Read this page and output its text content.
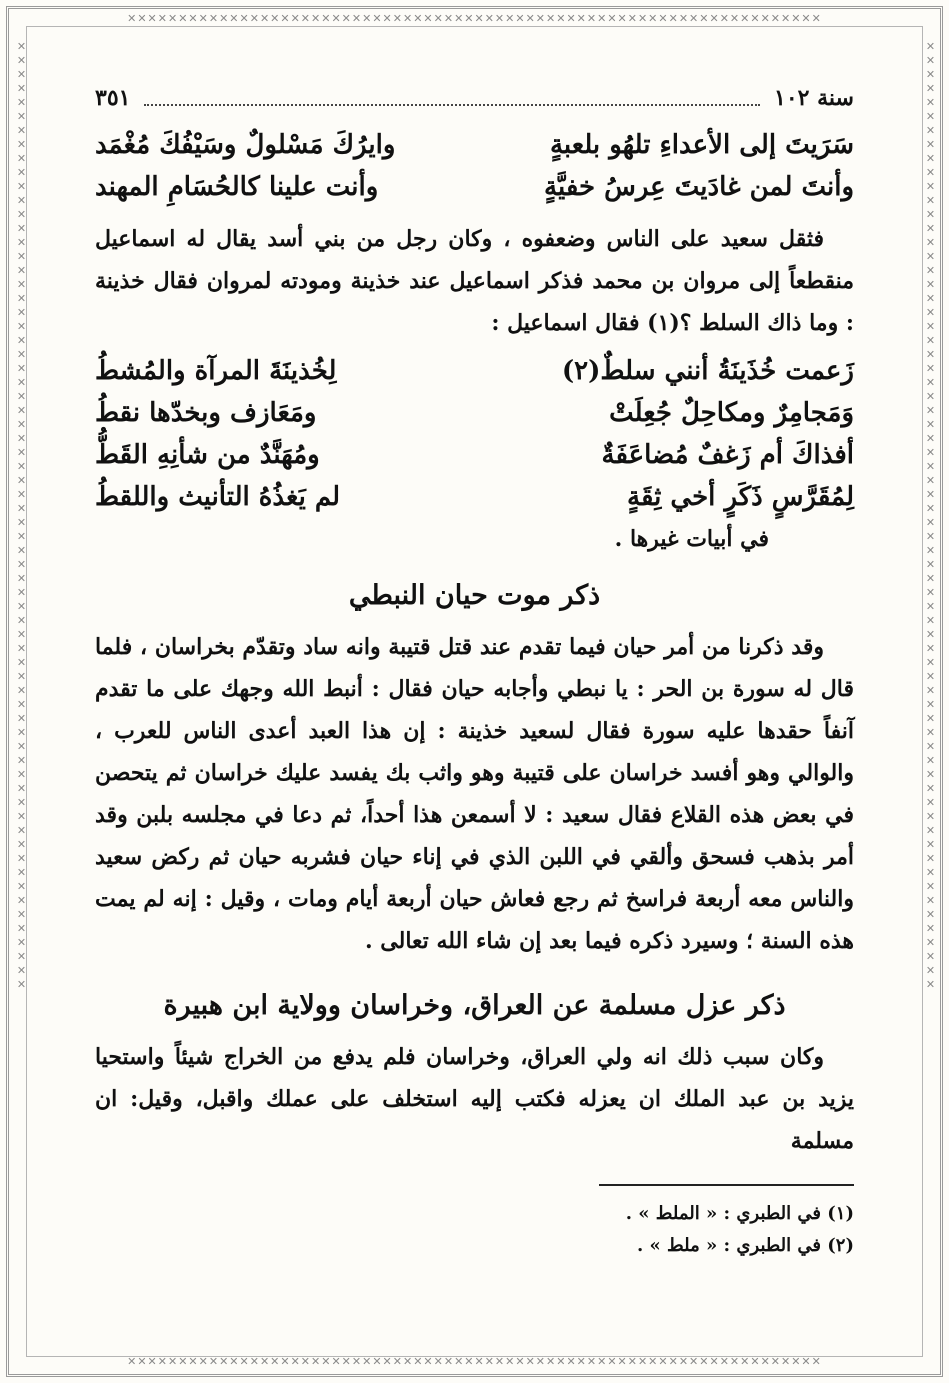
✕✕✕✕✕✕✕✕✕✕✕✕✕✕✕✕✕✕✕✕✕✕✕✕✕✕✕✕✕✕✕✕✕✕✕✕✕✕✕✕✕✕✕✕✕✕✕✕✕✕✕✕✕✕✕✕✕✕✕✕✕✕✕✕✕✕✕✕
✕✕✕✕✕✕✕✕✕✕✕✕✕✕✕✕✕✕✕✕✕✕✕✕✕✕✕✕✕✕✕✕✕✕✕✕✕✕✕✕✕✕✕✕✕✕✕✕✕✕✕✕✕✕✕✕✕✕✕✕✕✕✕✕✕✕✕✕
✕✕✕✕✕✕✕✕✕✕✕✕✕✕✕✕✕✕✕✕✕✕✕✕✕✕✕✕✕✕✕✕✕✕✕✕✕✕✕✕✕✕✕✕✕✕✕✕✕✕✕✕✕✕✕✕✕✕✕✕✕✕✕✕✕✕✕✕	✕✕✕✕✕✕✕✕✕✕✕✕✕✕✕✕✕✕✕✕✕✕✕✕✕✕✕✕✕✕✕✕✕✕✕✕✕✕✕✕✕✕✕✕✕✕✕✕✕✕✕✕✕✕✕✕✕✕✕✕✕✕✕✕✕✕✕✕
سنة ١٠٢
٣٥١
سَرَيتَ إلى الأعداءِ تلهُو بلعبةٍ
وايرُكَ مَسْلولٌ وسَيْفُكَ مُغْمَد
وأنتَ لمن غادَيتَ عِرسُ خفيَّةٍ
وأنت علينا كالحُسَامِ المهند

فثقل سعيد على الناس وضعفوه ، وكان رجل من بني أسد يقال له اسماعيل منقطعاً إلى مروان بن محمد فذكر اسماعيل عند خذينة ومودته لمروان فقال خذينة : وما ذاك السلط ؟(١) فقال اسماعيل :

زَعمت خُذَينَةُ أنني سلطٌ(٢)
لِخُذينَةَ المرآة والمُشطُ
وَمَجامِرٌ ومكاحِلٌ جُعِلَتْ
ومَعَازف وبخدّها نقطُ
أفذاكَ أم زَغفٌ مُضاعَفَةٌ
ومُهَنَّدٌ من شأنِهِ القَطُّ
لِمُقَرَّسٍ ذَكَرٍ أخي ثِقَةٍ
لم يَغذُهُ التأنيث واللقطُ

في أبيات غيرها .

ذكر موت حيان النبطي

وقد ذكرنا من أمر حيان فيما تقدم عند قتل قتيبة وانه ساد وتقدّم بخراسان ، فلما قال له سورة بن الحر : يا نبطي وأجابه حيان فقال : أنبط الله وجهك على ما تقدم آنفاً حقدها عليه سورة فقال لسعيد خذينة : إن هذا العبد أعدى الناس للعرب ، والوالي وهو أفسد خراسان على قتيبة وهو واثب بك يفسد عليك خراسان ثم يتحصن في بعض هذه القلاع فقال سعيد : لا أسمعن هذا أحداً، ثم دعا في مجلسه بلبن وقد أمر بذهب فسحق وألقي في اللبن الذي في إناء حيان فشربه حيان ثم ركض سعيد والناس معه أربعة فراسخ ثم رجع فعاش حيان أربعة أيام ومات ، وقيل : إنه لم يمت هذه السنة ؛ وسيرد ذكره فيما بعد إن شاء الله تعالى .

ذكر عزل مسلمة عن العراق، وخراسان وولاية ابن هبيرة

وكان سبب ذلك انه ولي العراق، وخراسان فلم يدفع من الخراج شيئاً واستحيا يزيد بن عبد الملك ان يعزله فكتب إليه استخلف على عملك واقبل، وقيل: ان مسلمة

(١) في الطبري : « الملط » .
(٢) في الطبري : « ملط » .
